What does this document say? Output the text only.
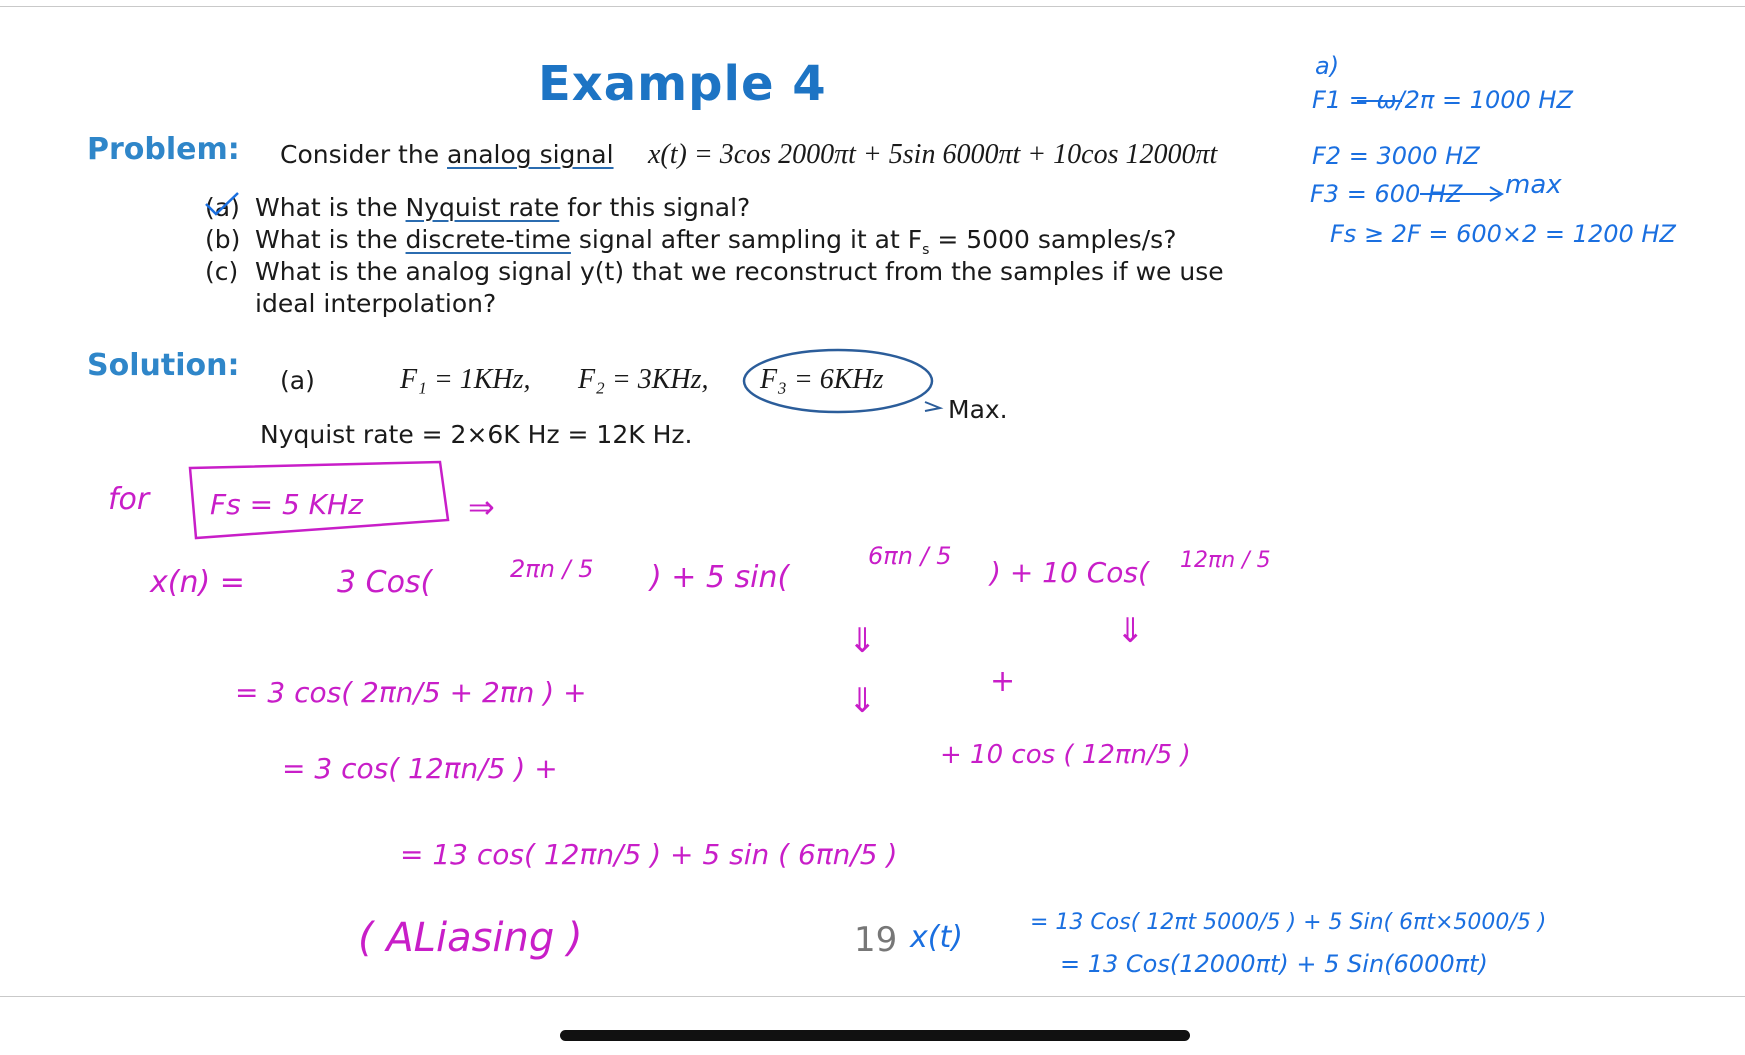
Example 4
Problem: Consider the analog signal x(t) = 3cos 2000πt + 5sin 6000πt + 10cos 12000πt
(a) What is the Nyquist rate for this signal?
(b) What is the discrete-time signal after sampling it at $F_s = 5000$ samples/s?
(c) What is the analog signal y(t) that we reconstruct from the samples if we use
ideal interpolation?
Solution: (a)	F₁ = 1KHz, F₂ = 3KHz, F₃ = 6KHz
Max.
Nyquist rate = 2×6K Hz = 12K Hz.
19
a)
F1 = ω/2π = 1000 HZ
F2 = 3000 HZ
F3 = 600 HZ max
Fs ≥ 2F = 600×2 = 1200 HZ
for Fs = 5 KHz	⇒
x(n) =	3 Cos(	2πn / 5 ) + 5 sin(
6πn / 5 ) + 10 Cos( 12πn / 5
= 3 cos( 2πn/5 + 2πn ) +	+
= 3 cos( 12πn/5 ) +	+ 10 cos ( 12πn/5 )
= 13 cos( 12πn/5 ) + 5 sin ( 6πn/5 )
( ALiasing )	x(t)	= 13 Cos( 12πt 5000/5 ) + 5 Sin( 6πt×5000/5 )
= 13 Cos(12000πt) + 5 Sin(6000πt)
⇓	⇓
⇓
